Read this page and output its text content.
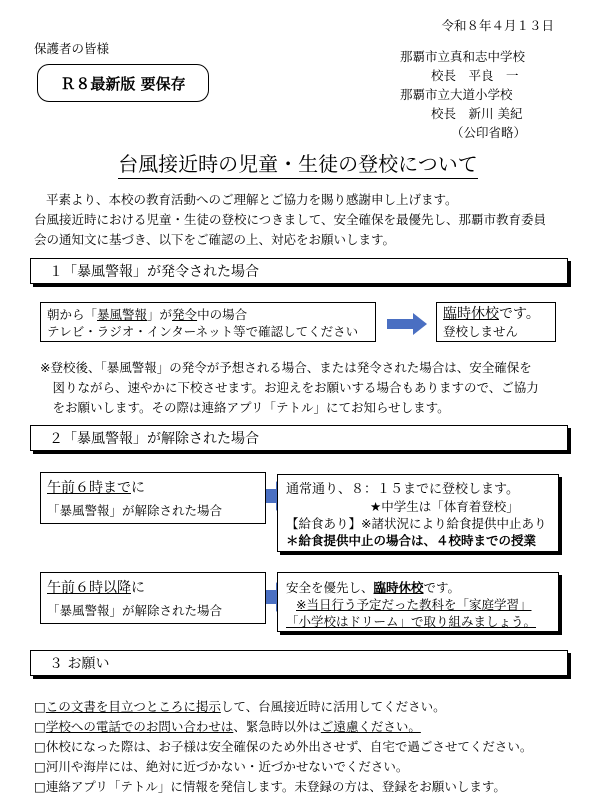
令和８年４月１３日
保護者の皆様
Ｒ８最新版 要保存
那覇市立真和志中学校
校長　平良　一
那覇市立大道小学校
校長　新川 美紀
（公印省略）
台風接近時の児童・生徒の登校について

平素より、本校の教育活動へのご理解とご協力を賜り感謝申し上げます。

台風接近時における児童・生徒の登校につきまして、安全確保を最優先し、那覇市教育委員

会の通知文に基づき、以下をご確認の上、対応をお願いします。

１「暴風警報」が発令された場合
朝から「暴風警報」が発令中の場合
テレビ・ラジオ・インターネット等で確認してください
臨時休校です。
登校しません

※登校後、「暴風警報」の発令が予想される場合、または発令された場合は、安全確保を

　図りながら、速やかに下校させます。お迎えをお願いする場合もありますので、ご協力

　をお願いします。その際は連絡アプリ「テトル」にてお知らせします。

２「暴風警報」が解除された場合
午前６時までに
「暴風警報」が解除された場合
通常通り、８：１５までに登校します。
★中学生は「体育着登校」
【給食あり】※諸状況により給食提供中止あり
＊給食提供中止の場合は、４校時までの授業
午前６時以降に
「暴風警報」が解除された場合
安全を優先し、臨時休校です。
※当日行う予定だった教科を「家庭学習」
「小学校はドリーム」で取り組みましょう。
３ お願い

□この文書を目立つところに掲示して、台風接近時に活用してください。

□学校への電話でのお問い合わせは、緊急時以外はご遠慮ください。

□休校になった際は、お子様は安全確保のため外出させず、自宅で過ごさせてください。

□河川や海岸には、絶対に近づかない・近づかせないでください。

□連絡アプリ「テトル」に情報を発信します。未登録の方は、登録をお願いします。
